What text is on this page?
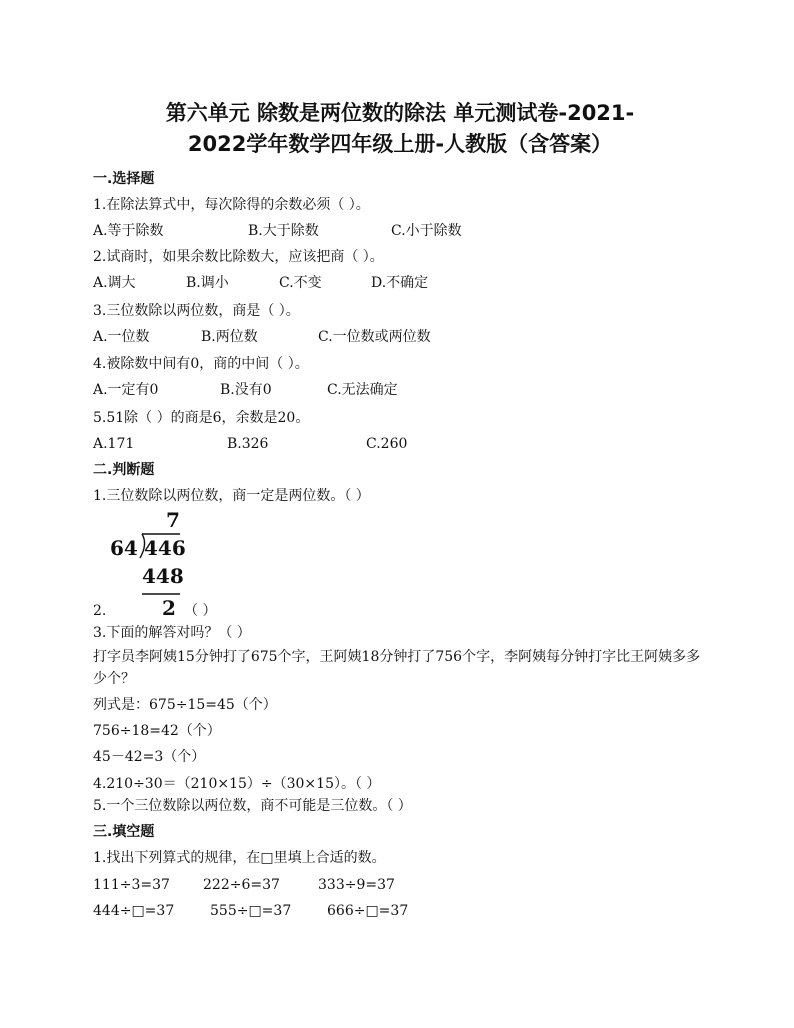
第六单元 除数是两位数的除法 单元测试卷-2021-
2022学年数学四年级上册-人教版（含答案）
一.选择题
1.在除法算式中，每次除得的余数必须（ ）。
A.等于除数	B.大于除数	C.小于除数
2.试商时，如果余数比除数大，应该把商（ ）。
A.调大	B.调小	C.不变	D.不确定
3.三位数除以两位数，商是（ ）。
A.一位数	B.两位数	C.一位数或两位数
4.被除数中间有0，商的中间（ ）。
A.一定有0	B.没有0	C.无法确定
5.51除（ ）的商是6，余数是20。
A.171	B.326	C.260
二.判断题
1.三位数除以两位数，商一定是两位数。（ ）
7
64 446
448
2
2.	（ ）
3.下面的解答对吗？（ ）
打字员李阿姨15分钟打了675个字，王阿姨18分钟打了756个字，李阿姨每分钟打字比王阿姨多多少个？
列式是：675÷15=45（个）
756÷18=42（个）
45－42=3（个）
4.210÷30＝（210×15）÷（30×15）。（ ）
5.一个三位数除以两位数，商不可能是三位数。（ ）
三.填空题
1.找出下列算式的规律，在□里填上合适的数。
111÷3=37 222÷6=37	333÷9=37
444÷□=37	555÷□=37	666÷□=37
